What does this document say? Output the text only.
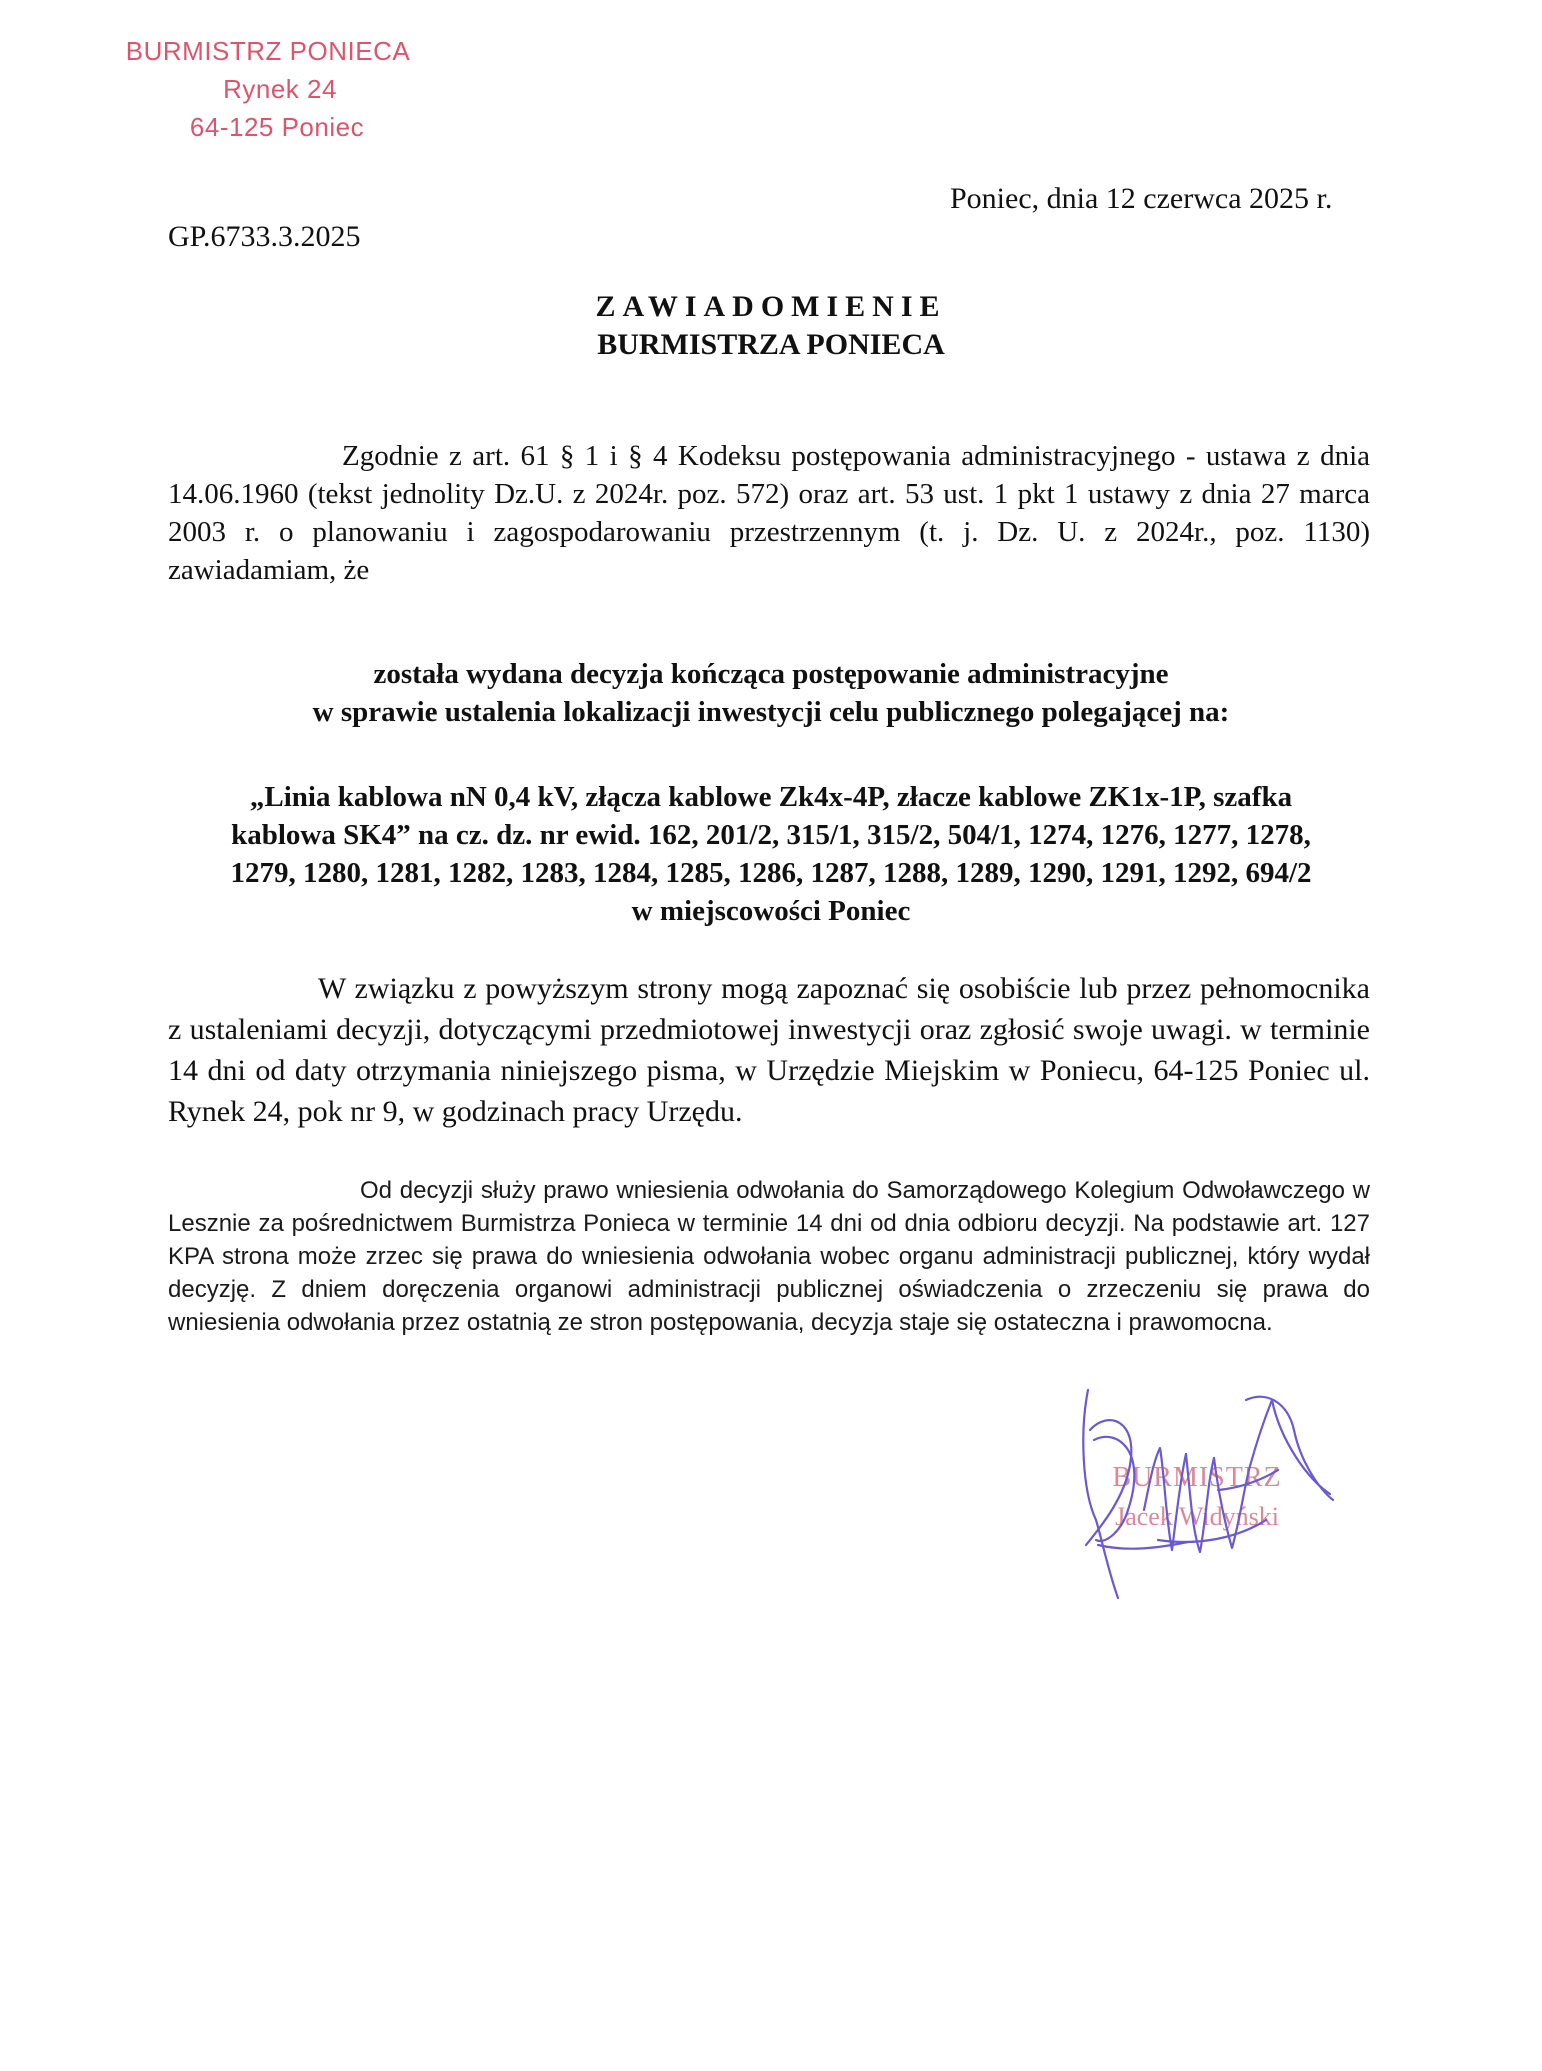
BURMISTRZ PONIECA
Rynek 24
64-125 Poniec
Poniec, dnia 12 czerwca 2025 r.
GP.6733.3.2025
ZAWIADOMIENIE
BURMISTRZA PONIECA

Zgodnie z art. 61 § 1 i § 4 Kodeksu postępowania administracyjnego - ustawa z dnia 14.06.1960 (tekst jednolity Dz.U. z 2024r. poz. 572) oraz art. 53 ust. 1 pkt 1 ustawy z dnia 27 marca 2003 r. o planowaniu i zagospodarowaniu przestrzennym (t. j. Dz. U. z 2024r., poz. 1130) zawiadamiam, że

została wydana decyzja kończąca postępowanie administracyjne
w sprawie ustalenia lokalizacji inwestycji celu publicznego polegającej na:
„Linia kablowa nN 0,4 kV, złącza kablowe Zk4x-4P, złacze kablowe ZK1x-1P, szafka
kablowa SK4” na cz. dz. nr ewid. 162, 201/2, 315/1, 315/2, 504/1, 1274, 1276, 1277, 1278,
1279, 1280, 1281, 1282, 1283, 1284, 1285, 1286, 1287, 1288, 1289, 1290, 1291, 1292, 694/2
w miejscowości Poniec

W związku z powyższym strony mogą zapoznać się osobiście lub przez pełnomocnika z ustaleniami decyzji, dotyczącymi przedmiotowej inwestycji oraz zgłosić swoje uwagi. w terminie 14 dni od daty otrzymania niniejszego pisma, w Urzędzie Miejskim w Poniecu, 64-125 Poniec ul. Rynek 24, pok nr 9, w godzinach pracy Urzędu.

Od decyzji służy prawo wniesienia odwołania do Samorządowego Kolegium Odwoławczego w Lesznie za pośrednictwem Burmistrza Ponieca w terminie 14 dni od dnia odbioru decyzji. Na podstawie art. 127 KPA strona może zrzec się prawa do wniesienia odwołania wobec organu administracji publicznej, który wydał decyzję. Z dniem doręczenia organowi administracji publicznej oświadczenia o zrzeczeniu się prawa do wniesienia odwołania przez ostatnią ze stron postępowania, decyzja staje się ostateczna i prawomocna.

BURMISTRZ
Jacek Widyński
